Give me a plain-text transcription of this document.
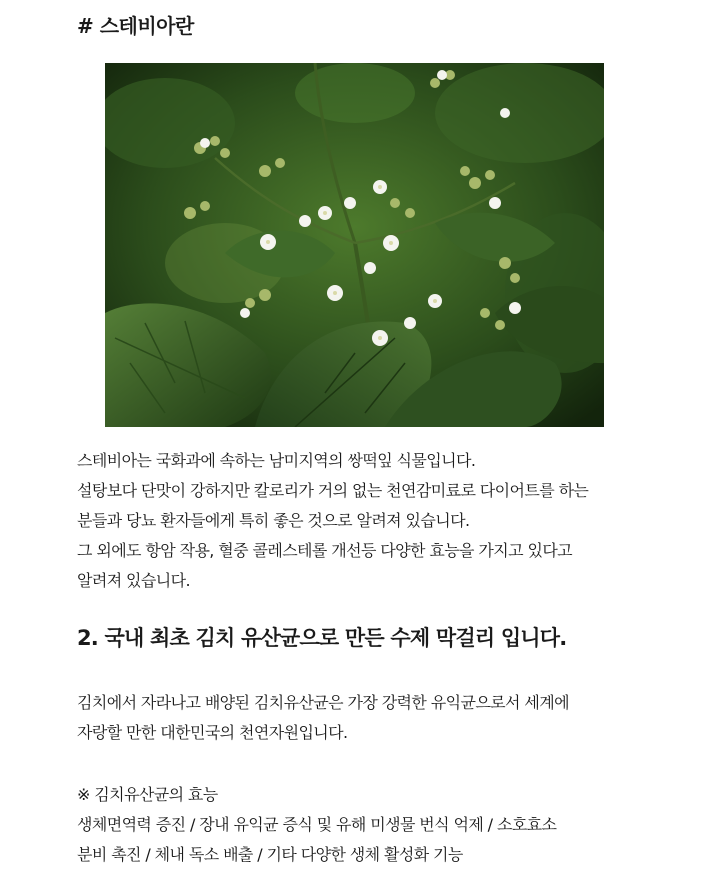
# 스테비아란

스테비아는 국화과에 속하는 남미지역의 쌍떡잎 식물입니다.
설탕보다 단맛이 강하지만 칼로리가 거의 없는 천연감미료로 다이어트를 하는
분들과 당뇨 환자들에게 특히 좋은 것으로 알려져 있습니다.
그 외에도 항암 작용, 혈중 콜레스테롤 개선등 다양한 효능을 가지고 있다고
알려져 있습니다.

2. 국내 최초 김치 유산균으로 만든 수제 막걸리 입니다.

김치에서 자라나고 배양된 김치유산균은 가장 강력한 유익균으로서 세계에
자랑할 만한 대한민국의 천연자원입니다.

※ 김치유산균의 효능
생체면역력 증진 / 장내 유익균 증식 및 유해 미생물 번식 억제 / 소호효소
분비 촉진 / 체내 독소 배출 / 기타 다양한 생체 활성화 기능
